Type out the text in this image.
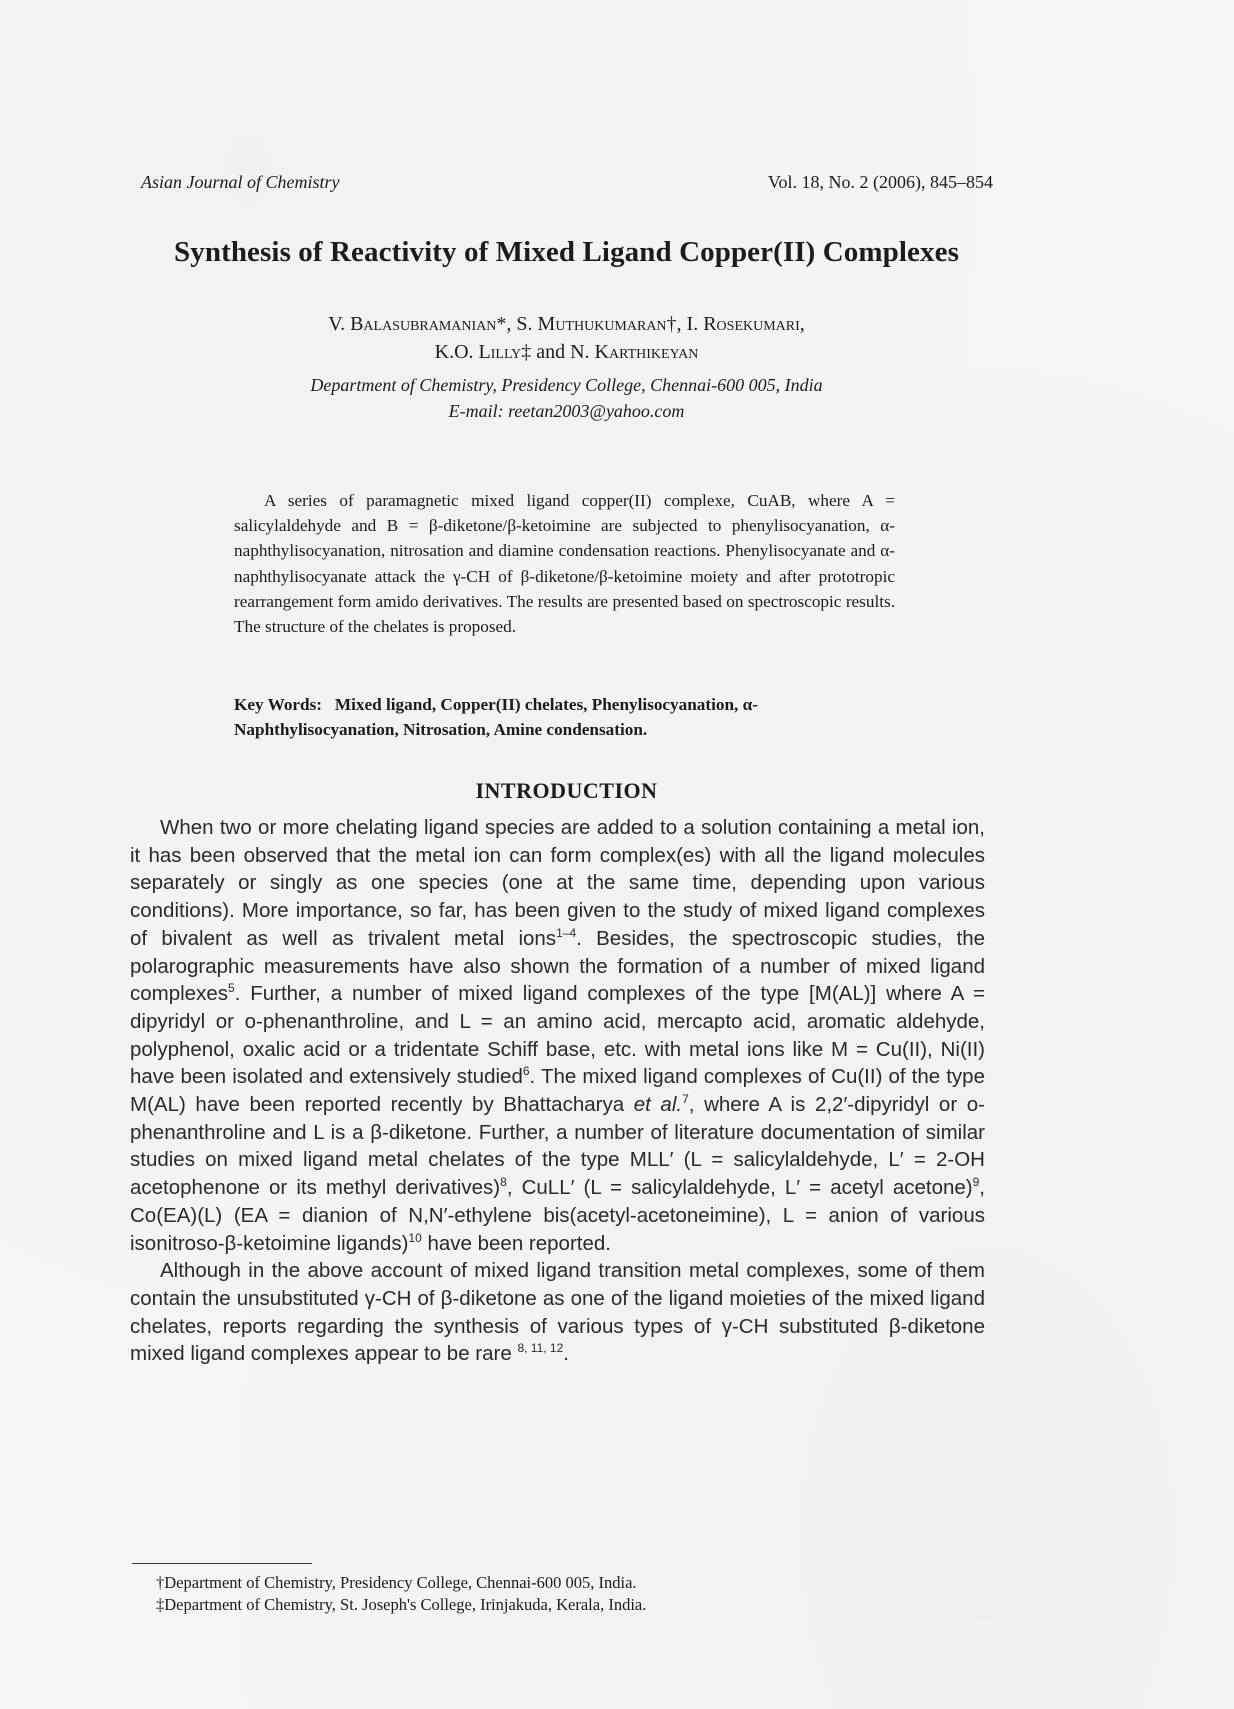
Asian Journal of Chemistry	Vol. 18, No. 2 (2006), 845–854
Synthesis of Reactivity of Mixed Ligand Copper(II) Complexes
V. Balasubramanian*, S. Muthukumaran†, I. Rosekumari,
K.O. Lilly‡ and N. Karthikeyan
Department of Chemistry, Presidency College, Chennai-600 005, India
E-mail: reetan2003@yahoo.com

A series of paramagnetic mixed ligand copper(II) complexe, CuAB, where A = salicylaldehyde and B = β-diketone/β-ketoimine are subjected to phenylisocyanation, α-naphthylisocyanation, nitrosation and diamine condensation reactions. Phenylisocyanate and α-naphthylisocyanate attack the γ-CH of β-diketone/β-ketoimine moiety and after prototropic rearrangement form amido derivatives. The results are presented based on spectroscopic results. The structure of the chelates is proposed.

Key Words: Mixed ligand, Copper(II) chelates, Phenylisocyanation, α-Naphthylisocyanation, Nitrosation, Amine condensation.
INTRODUCTION

When two or more chelating ligand species are added to a solution containing a metal ion, it has been observed that the metal ion can form complex(es) with all the ligand molecules separately or singly as one species (one at the same time, depending upon various conditions). More importance, so far, has been given to the study of mixed ligand complexes of bivalent as well as trivalent metal ions$^{1-4}$. Besides, the spectroscopic studies, the polarographic measurements have also shown the formation of a number of mixed ligand complexes$^5$. Further, a number of mixed ligand complexes of the type [M(AL)] where A = dipyridyl or o-phenanthroline, and L = an amino acid, mercapto acid, aromatic aldehyde, polyphenol, oxalic acid or a tridentate Schiff base, etc. with metal ions like M = Cu(II), Ni(II) have been isolated and extensively studied$^6$. The mixed ligand complexes of Cu(II) of the type M(AL) have been reported recently by Bhattacharya et al.$^7$, where A is 2,2′-dipyridyl or o-phenanthroline and L is a β-diketone. Further, a number of literature documentation of similar studies on mixed ligand metal chelates of the type MLL′ (L = salicylaldehyde, L′ = 2-OH acetophenone or its methyl derivatives)$^8$, CuLL′ (L = salicylaldehyde, L′ = acetyl acetone)$^9$, Co(EA)(L) (EA = dianion of N,N′-ethylene bis(acetyl-acetoneimine), L = anion of various isonitroso-β-ketoimine ligands)$^{10}$ have been reported.

Although in the above account of mixed ligand transition metal complexes, some of them contain the unsubstituted γ-CH of β-diketone as one of the ligand moieties of the mixed ligand chelates, reports regarding the synthesis of various types of γ-CH substituted β-diketone mixed ligand complexes appear to be rare $^{8, 11, 12}$.

†Department of Chemistry, Presidency College, Chennai-600 005, India.
‡Department of Chemistry, St. Joseph's College, Irinjakuda, Kerala, India.
